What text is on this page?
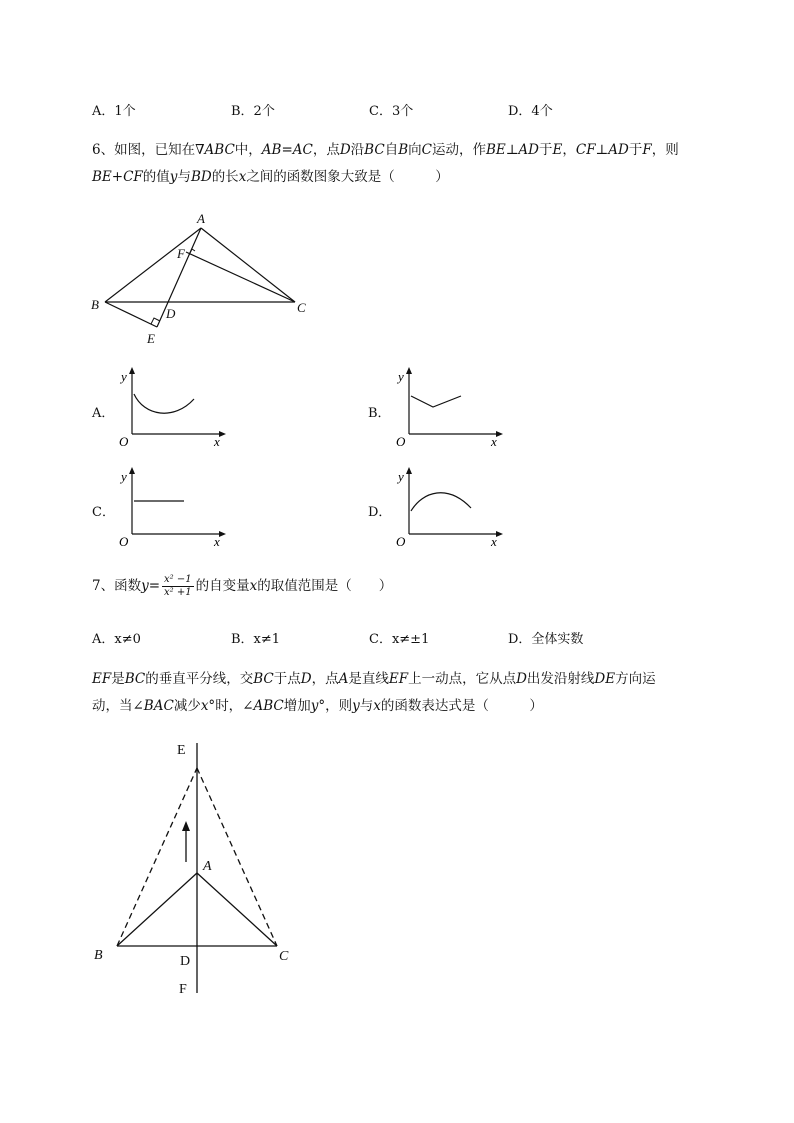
A．1个	B．2个	C．3个	D．4个
6、如图，已知在∇ABC中，AB=AC，点D沿BC自B向C运动，作BE⊥AD于E，CF⊥AD于F，则
BE+CF的值y与BD的长x之间的函数图象大致是（　　　）
A
F
B
D	C
E
A．
y
x
O
B．
y
x
O
C．
y
x
O
D．
y
x
O
7、函数$y= \frac{\text{x² −1}}{\text{x² +1}}$ 的自变量x的取值范围是（　　）
A．x≠0	B．x≠1	C．x≠±1	D．全体实数
EF是BC的垂直平分线，交BC于点D，点A是直线EF上一动点，它从点D出发沿射线DE方向运
动，当∠BAC减少x°时，∠ABC增加y°，则y与x的函数表达式是（　　　）
E
A
B	C
D
F
